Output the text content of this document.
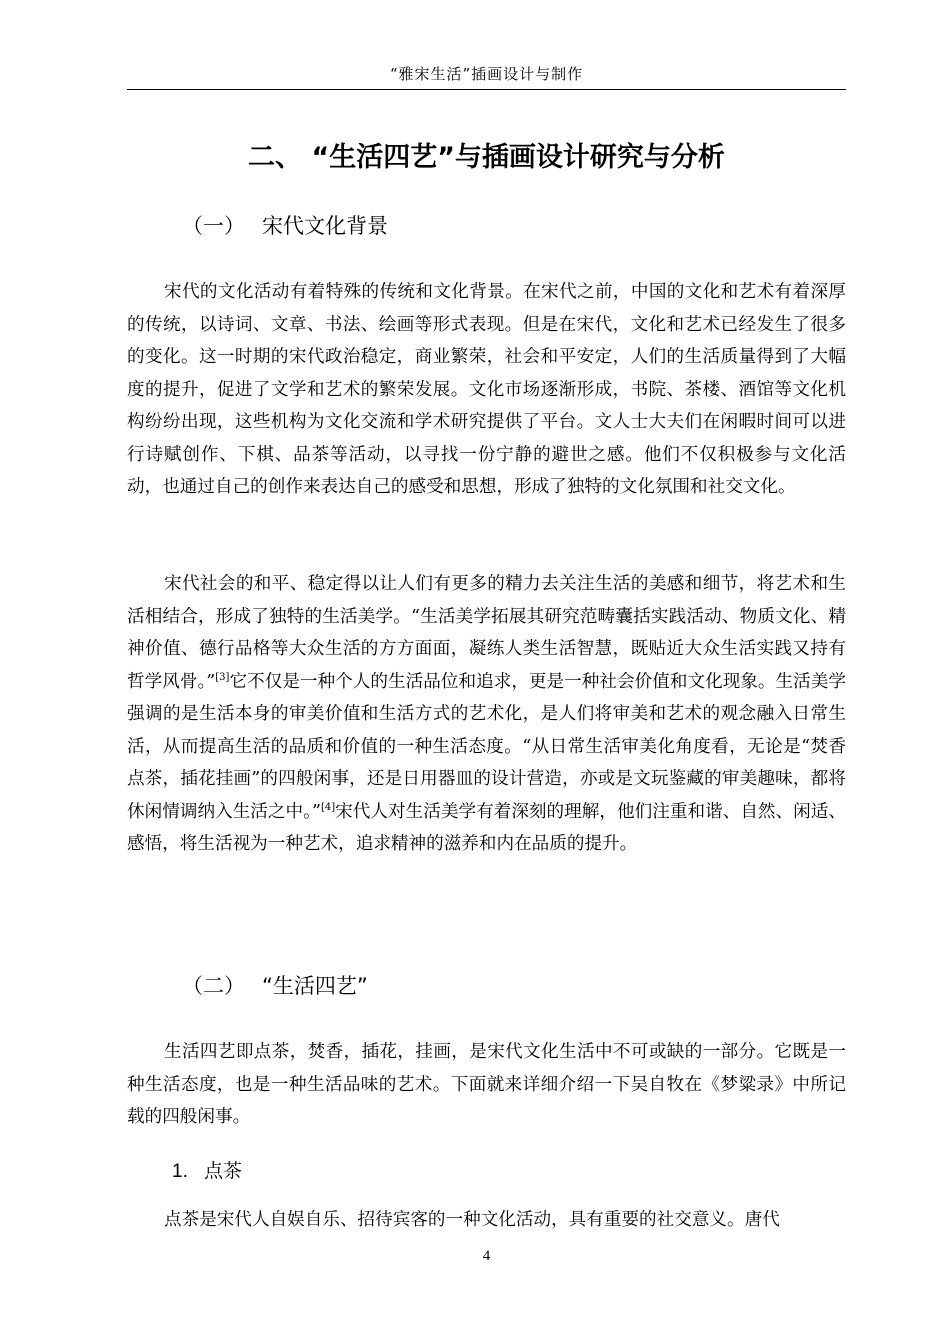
“雅宋生活”插画设计与制作
二、 “生活四艺”与插画设计研究与分析
（一） 宋代文化背景

宋代的文化活动有着特殊的传统和文化背景。在宋代之前，中国的文化和艺术有着深厚的传统，以诗词、文章、书法、绘画等形式表现。但是在宋代，文化和艺术已经发生了很多的变化。这一时期的宋代政治稳定，商业繁荣，社会和平安定，人们的生活质量得到了大幅度的提升，促进了文学和艺术的繁荣发展。文化市场逐渐形成，书院、茶楼、酒馆等文化机构纷纷出现，这些机构为文化交流和学术研究提供了平台。文人士大夫们在闲暇时间可以进行诗赋创作、下棋、品茶等活动，以寻找一份宁静的避世之感。他们不仅积极参与文化活动，也通过自己的创作来表达自己的感受和思想，形成了独特的文化氛围和社交文化。

宋代社会的和平、稳定得以让人们有更多的精力去关注生活的美感和细节，将艺术和生活相结合，形成了独特的生活美学。“生活美学拓展其研究范畴囊括实践活动、物质文化、精神价值、德行品格等大众生活的方方面面，凝练人类生活智慧，既贴近大众生活实践又持有哲学风骨。”[3]它不仅是一种个人的生活品位和追求，更是一种社会价值和文化现象。生活美学强调的是生活本身的审美价值和生活方式的艺术化，是人们将审美和艺术的观念融入日常生活，从而提高生活的品质和价值的一种生活态度。“从日常生活审美化角度看，无论是“焚香点茶，插花挂画”的四般闲事，还是日用器皿的设计营造，亦或是文玩鉴藏的审美趣味，都将休闲情调纳入生活之中。”[4]宋代人对生活美学有着深刻的理解，他们注重和谐、自然、闲适、感悟，将生活视为一种艺术，追求精神的滋养和内在品质的提升。

（二） “生活四艺”

生活四艺即点茶，焚香，插花，挂画，是宋代文化生活中不可或缺的一部分。它既是一种生活态度，也是一种生活品味的艺术。下面就来详细介绍一下吴自牧在《梦粱录》中所记载的四般闲事。

1. 点茶

点茶是宋代人自娱自乐、招待宾客的一种文化活动，具有重要的社交意义。唐代

4
